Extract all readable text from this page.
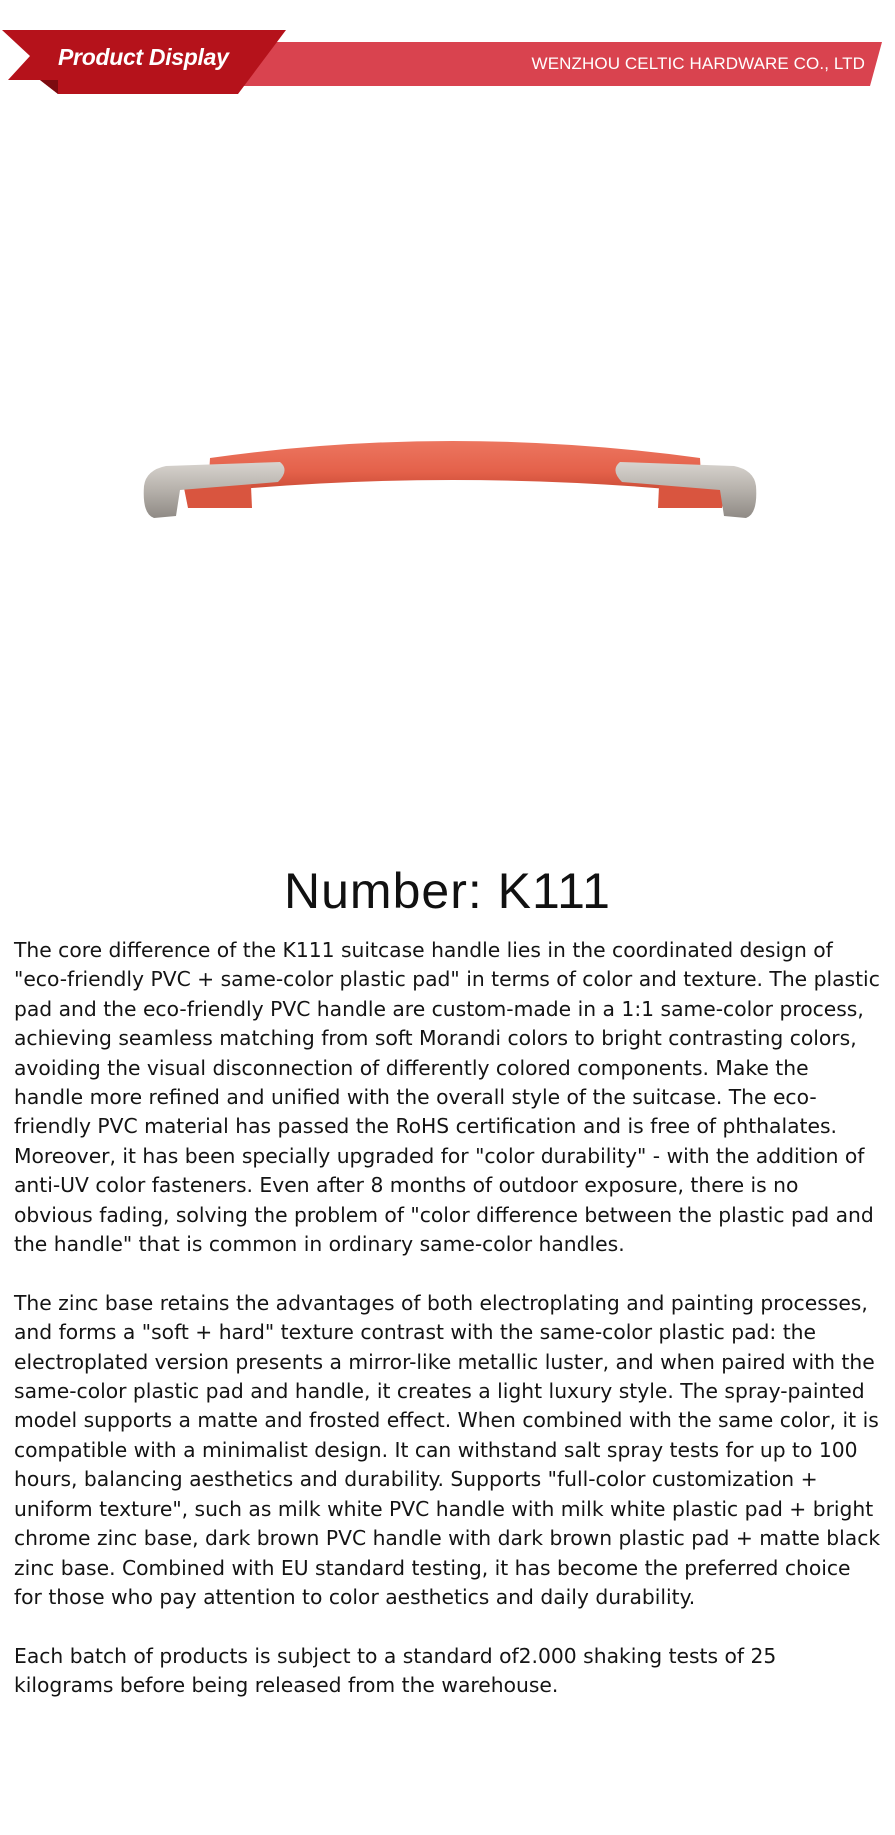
Product Display	WENZHOU CELTIC HARDWARE CO., LTD
Number: K111

The core difference of the K111 suitcase handle lies in the coordinated design of "eco-friendly PVC + same-color plastic pad" in terms of color and texture. The plastic pad and the eco-friendly PVC handle are custom-made in a 1:1 same-color process, achieving seamless matching from soft Morandi colors to bright contrasting colors, avoiding the visual disconnection of differently colored components. Make the handle more refined and unified with the overall style of the suitcase. The eco-friendly PVC material has passed the RoHS certification and is free of phthalates. Moreover, it has been specially upgraded for "color durability" - with the addition of anti-UV color fasteners. Even after 8 months of outdoor exposure, there is no obvious fading, solving the problem of "color difference between the plastic pad and the handle" that is common in ordinary same-color handles.

The zinc base retains the advantages of both electroplating and painting processes, and forms a "soft + hard" texture contrast with the same-color plastic pad: the electroplated version presents a mirror-like metallic luster, and when paired with the same-color plastic pad and handle, it creates a light luxury style. The spray-painted model supports a matte and frosted effect. When combined with the same color, it is compatible with a minimalist design. It can withstand salt spray tests for up to 100 hours, balancing aesthetics and durability. Supports "full-color customization + uniform texture", such as milk white PVC handle with milk white plastic pad + bright chrome zinc base, dark brown PVC handle with dark brown plastic pad + matte black zinc base. Combined with EU standard testing, it has become the preferred choice for those who pay attention to color aesthetics and daily durability.

Each batch of products is subject to a standard of2.000 shaking tests of 25 kilograms before being released from the warehouse.
